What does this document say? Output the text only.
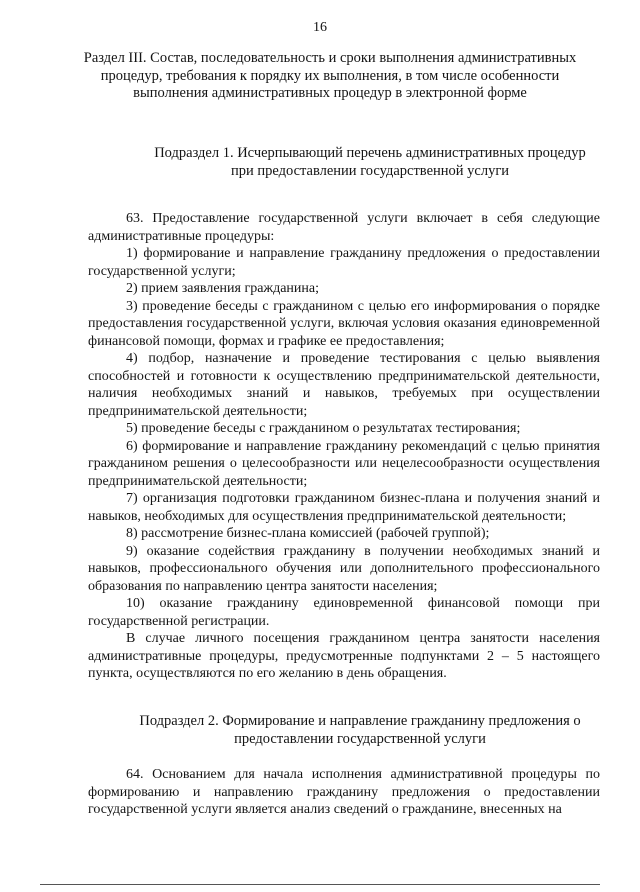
16
Раздел III. Состав, последовательность и сроки выполнения административных процедур, требования к порядку их выполнения, в том числе особенности выполнения административных процедур в электронной форме
Подраздел 1. Исчерпывающий перечень административных процедур при предоставлении государственной услуги

63. Предоставление государственной услуги включает в себя следующие административные процедуры:

1) формирование и направление гражданину предложения о предоставлении государственной услуги;

2) прием заявления гражданина;

3) проведение беседы с гражданином с целью его информирования о порядке предоставления государственной услуги, включая условия оказания единовременной финансовой помощи, формах и графике ее предоставления;

4) подбор, назначение и проведение тестирования с целью выявления способностей и готовности к осуществлению предпринимательской деятельности, наличия необходимых знаний и навыков, требуемых при осуществлении предпринимательской деятельности;

5) проведение беседы с гражданином о результатах тестирования;

6) формирование и направление гражданину рекомендаций с целью принятия гражданином решения о целесообразности или нецелесообразности осуществления предпринимательской деятельности;

7) организация подготовки гражданином бизнес-плана и получения знаний и навыков, необходимых для осуществления предпринимательской деятельности;

8) рассмотрение бизнес-плана комиссией (рабочей группой);

9) оказание содействия гражданину в получении необходимых знаний и навыков, профессионального обучения или дополнительного профессионального образования по направлению центра занятости населения;

10) оказание гражданину единовременной финансовой помощи при государственной регистрации.

В случае личного посещения гражданином центра занятости населения административные процедуры, предусмотренные подпунктами 2 – 5 настоящего пункта, осуществляются по его желанию в день обращения.

Подраздел 2. Формирование и направление гражданину предложения о предоставлении государственной услуги

64. Основанием для начала исполнения административной процедуры по формированию и направлению гражданину предложения о предоставлении государственной услуги является анализ сведений о гражданине, внесенных на
